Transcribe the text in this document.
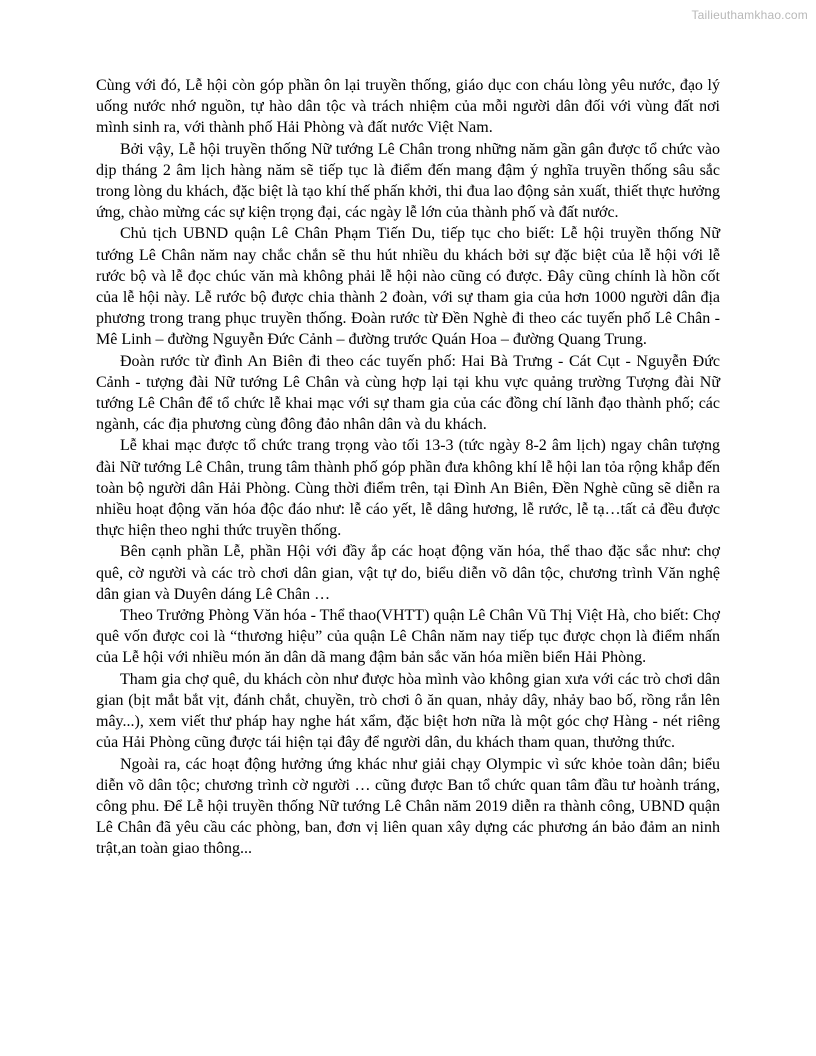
Tailieuthamkhao.com

Cùng với đó, Lễ hội còn góp phần ôn lại truyền thống, giáo dục con cháu lòng yêu nước, đạo lý uống nước nhớ nguồn, tự hào dân tộc và trách nhiệm của mỗi người dân đối với vùng đất nơi mình sinh ra, với thành phố Hải Phòng và đất nước Việt Nam.

Bởi vậy, Lễ hội truyền thống Nữ tướng Lê Chân trong những năm gần gân được tổ chức vào dịp tháng 2 âm lịch hàng năm sẽ tiếp tục là điểm đến mang đậm ý nghĩa truyền thống sâu sắc trong lòng du khách, đặc biệt là tạo khí thế phấn khởi, thi đua lao động sản xuất, thiết thực hưởng ứng, chào mừng các sự kiện trọng đại, các ngày lễ lớn của thành phố và đất nước.

Chủ tịch UBND quận Lê Chân Phạm Tiến Du, tiếp tục cho biết: Lễ hội truyền thống Nữ tướng Lê Chân năm nay chắc chắn sẽ thu hút nhiều du khách bởi sự đặc biệt của lễ hội với lễ rước bộ và lễ đọc chúc văn mà không phải lễ hội nào cũng có được. Đây cũng chính là hồn cốt của lễ hội này. Lễ rước bộ được chia thành 2 đoàn, với sự tham gia của hơn 1000 người dân địa phương trong trang phục truyền thống. Đoàn rước từ Đền Nghè đi theo các tuyến phố Lê Chân - Mê Linh – đường Nguyễn Đức Cảnh – đường trước Quán Hoa – đường Quang Trung.

Đoàn rước từ đình An Biên đi theo các tuyến phố: Hai Bà Trưng - Cát Cụt - Nguyễn Đức Cảnh - tượng đài Nữ tướng Lê Chân và cùng hợp lại tại khu vực quảng trường Tượng đài Nữ tướng Lê Chân để tổ chức lễ khai mạc với sự tham gia của các đồng chí lãnh đạo thành phố; các ngành, các địa phương cùng đông đảo nhân dân và du khách.

Lễ khai mạc được tổ chức trang trọng vào tối 13-3 (tức ngày 8-2 âm lịch) ngay chân tượng đài Nữ tướng Lê Chân, trung tâm thành phố góp phần đưa không khí lễ hội lan tỏa rộng khắp đến toàn bộ người dân Hải Phòng. Cùng thời điểm trên, tại Đình An Biên, Đền Nghè cũng sẽ diễn ra nhiều hoạt động văn hóa độc đáo như: lễ cáo yết, lễ dâng hương, lễ rước, lễ tạ…tất cả đều được thực hiện theo nghi thức truyền thống.

Bên cạnh phần Lễ, phần Hội với đầy ắp các hoạt động văn hóa, thể thao đặc sắc như: chợ quê, cờ người và các trò chơi dân gian, vật tự do, biểu diễn võ dân tộc, chương trình Văn nghệ dân gian và Duyên dáng Lê Chân …

Theo Trưởng Phòng Văn hóa - Thể thao(VHTT) quận Lê Chân Vũ Thị Việt Hà, cho biết: Chợ quê vốn được coi là “thương hiệu” của quận Lê Chân năm nay tiếp tục được chọn là điểm nhấn của Lễ hội với nhiều món ăn dân dã mang đậm bản sắc văn hóa miền biển Hải Phòng.

Tham gia chợ quê, du khách còn như được hòa mình vào không gian xưa với các trò chơi dân gian (bịt mắt bắt vịt, đánh chắt, chuyền, trò chơi ô ăn quan, nhảy dây, nhảy bao bố, rồng rắn lên mây...), xem viết thư pháp hay nghe hát xẩm, đặc biệt hơn nữa là một góc chợ Hàng - nét riêng của Hải Phòng cũng được tái hiện tại đây để người dân, du khách tham quan, thưởng thức.

Ngoài ra, các hoạt động hưởng ứng khác như giải chạy Olympic vì sức khỏe toàn dân; biểu diễn võ dân tộc; chương trình cờ người … cũng được Ban tổ chức quan tâm đầu tư hoành tráng, công phu. Để Lễ hội truyền thống Nữ tướng Lê Chân năm 2019 diễn ra thành công, UBND quận Lê Chân đã yêu cầu các phòng, ban, đơn vị liên quan xây dựng các phương án bảo đảm an ninh trật,an toàn giao thông...
